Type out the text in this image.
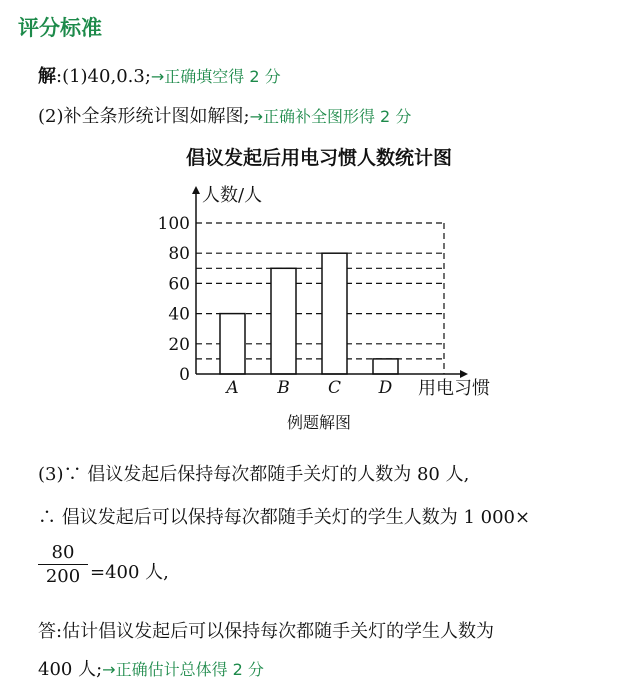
评分标准
解:(1)40,0.3;→正确填空得 2 分
(2)补全条形统计图如解图;→正确补全图形得 2 分
倡议发起后用电习惯人数统计图
A B C D
0
20
40
60
80
100
人数/人
用电习惯
例题解图
(3)∵ 倡议发起后保持每次都随手关灯的人数为 80 人,
∴ 倡议发起后可以保持每次都随手关灯的学生人数为 1 000×
80
200 =400 人,
答:估计倡议发起后可以保持每次都随手关灯的学生人数为
400 人;→正确估计总体得 2 分
